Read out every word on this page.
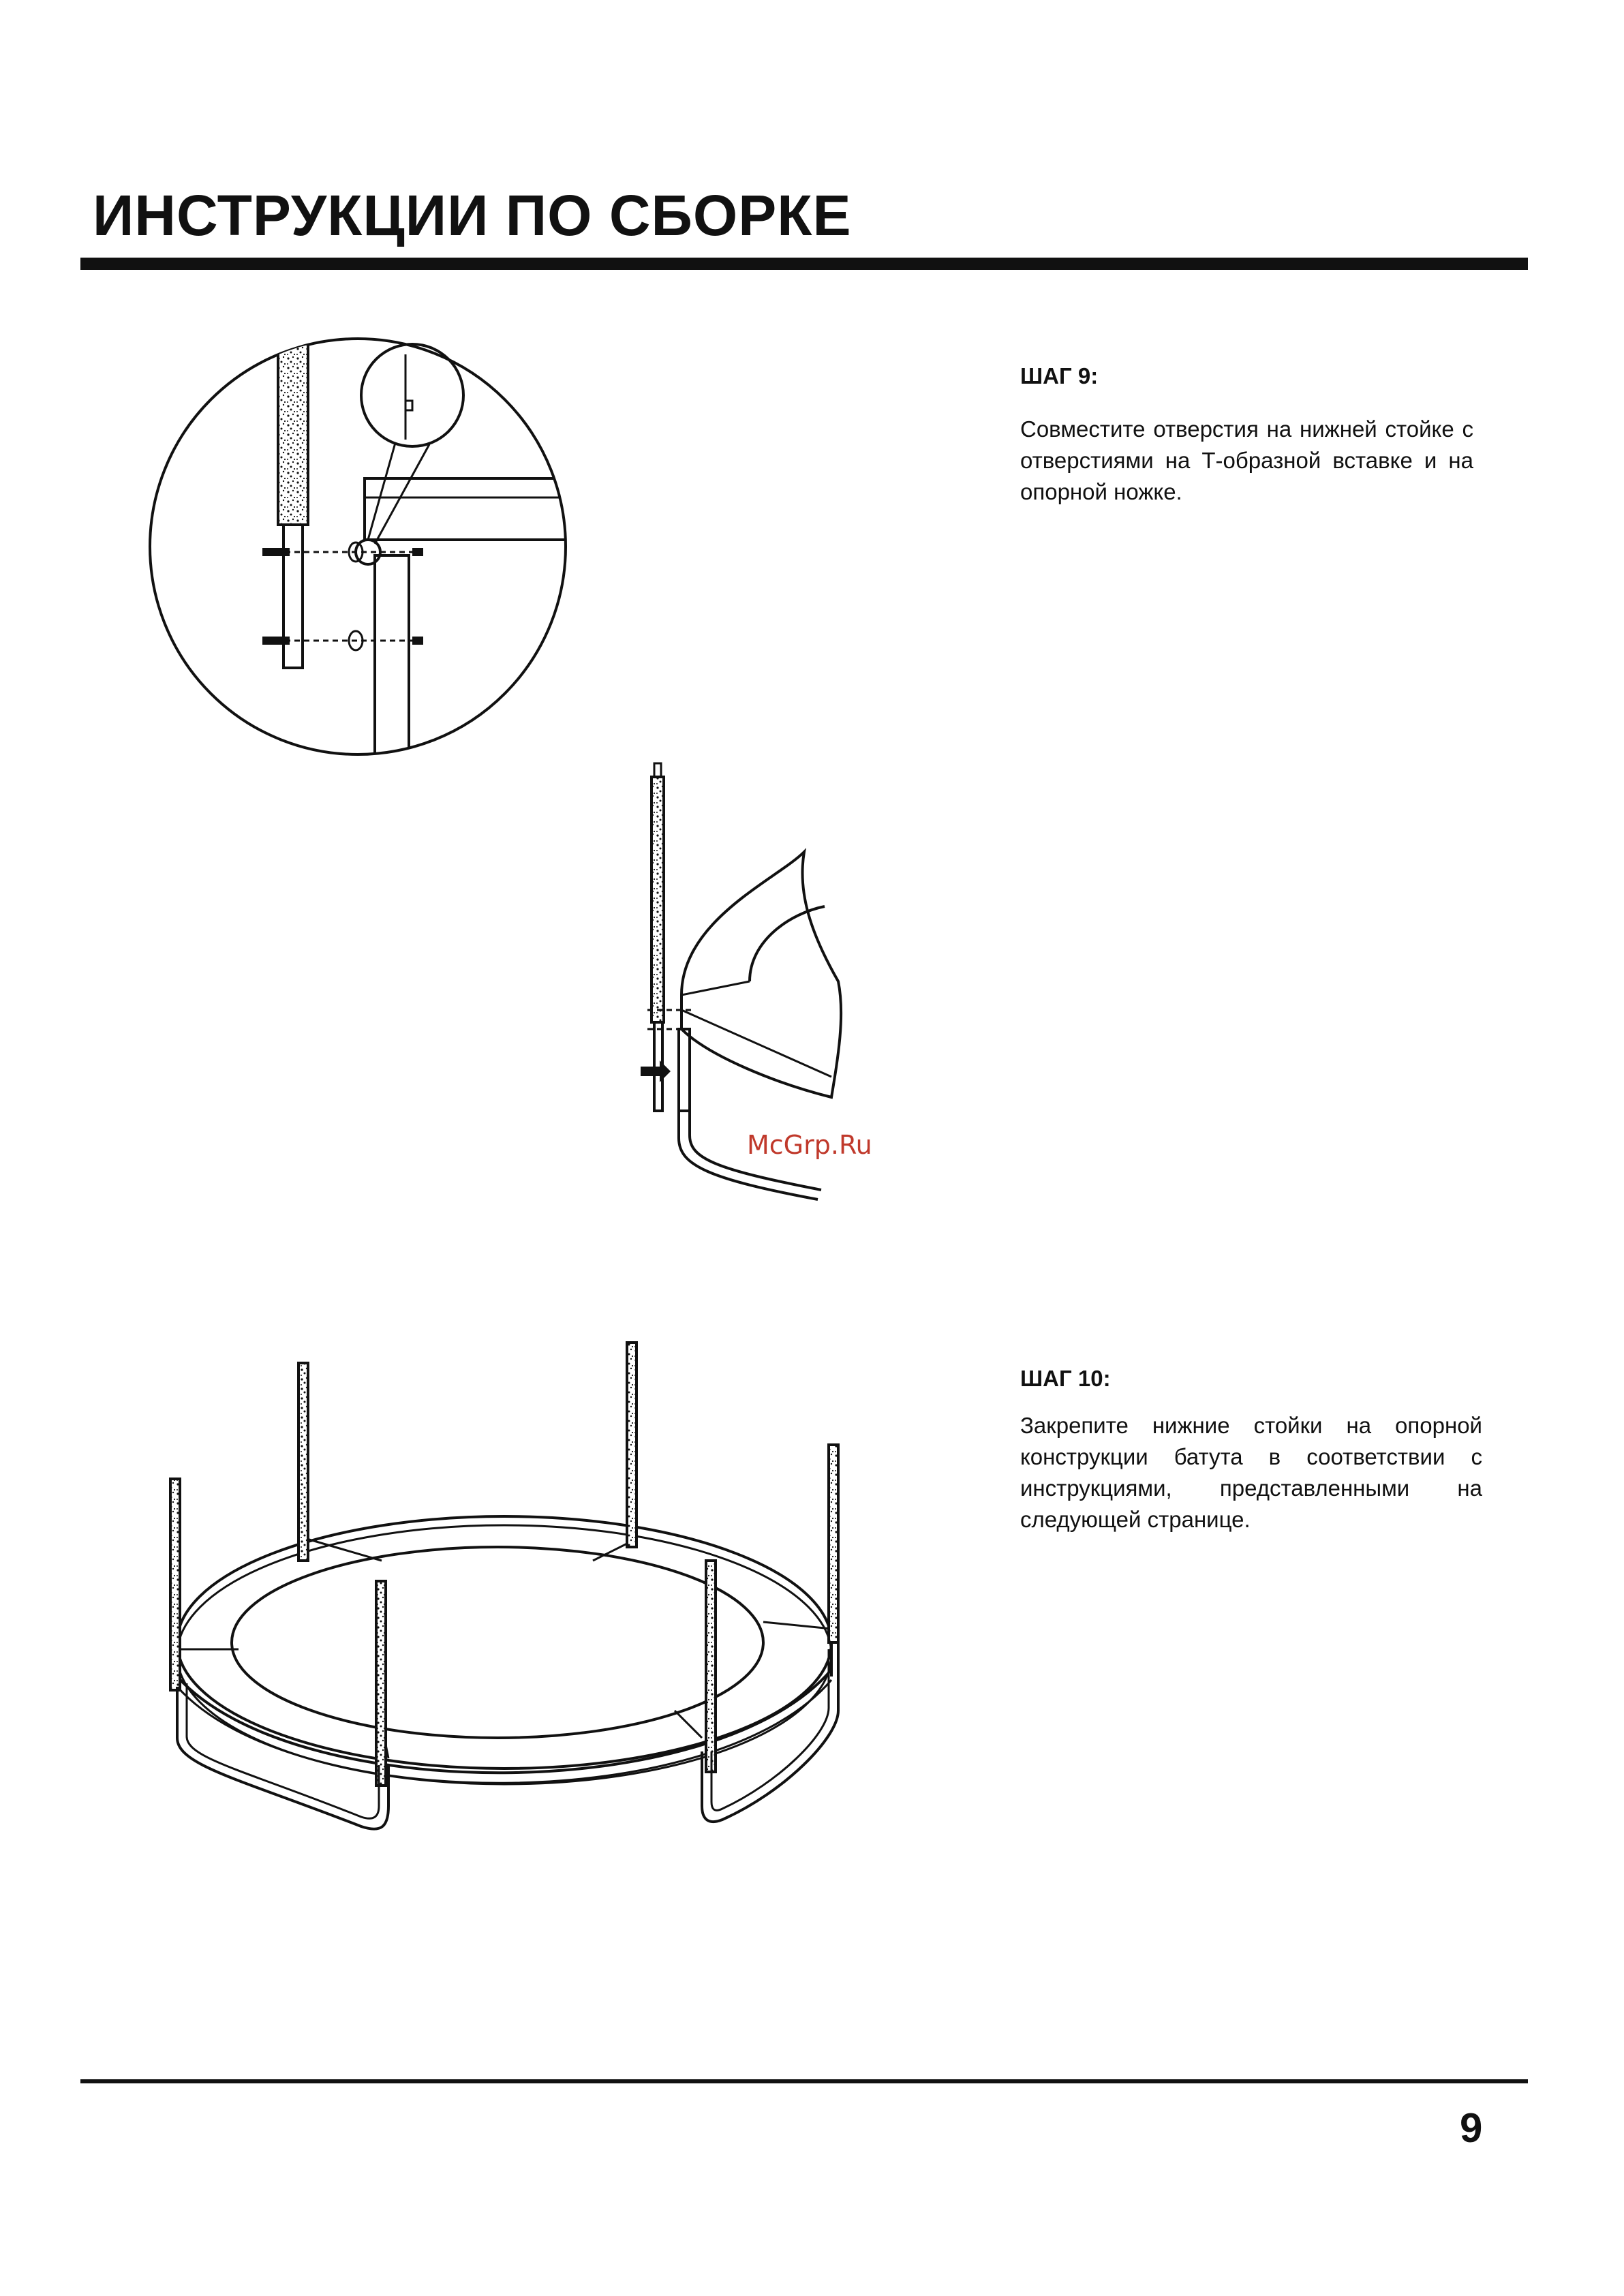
ИНСТРУКЦИИ ПО СБОРКЕ
McGrp.Ru
ШАГ 9:

Совместите отверстия на нижней стойке с отверстиями на Т-образной вставке и на опорной ножке.

ШАГ 10:

Закрепите нижние стойки на опорной конструкции батута в соответствии с инструкциями, представленными на следующей странице.

9
